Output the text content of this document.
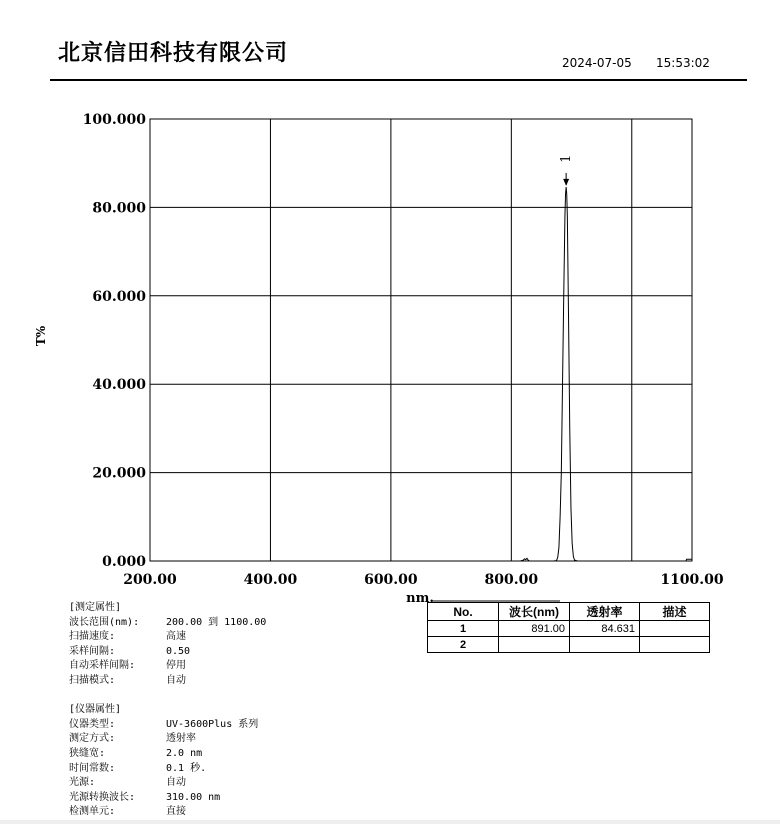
北京信田科技有限公司	2024-07-05 15:53:02
0.000
20.000
40.000
60.000
80.000
100.000
200.00	400.00	600.00	800.00	1100.00
nm.
T%
1
[测定属性]
波长范围(nm):	200.00 到 1100.00
扫描速度:	高速
采样间隔:	0.50
自动采样间隔:	停用
扫描模式:	自动
[仪器属性]
仪器类型:	UV-3600Plus 系列
测定方式:	透射率
狭缝宽:	2.0 nm
时间常数:	0.1 秒.
光源:	自动
光源转换波长:	310.00 nm
检测单元:	直接
No.	波长(nm)	透射率	描述
1	891.00	84.631	
2			
